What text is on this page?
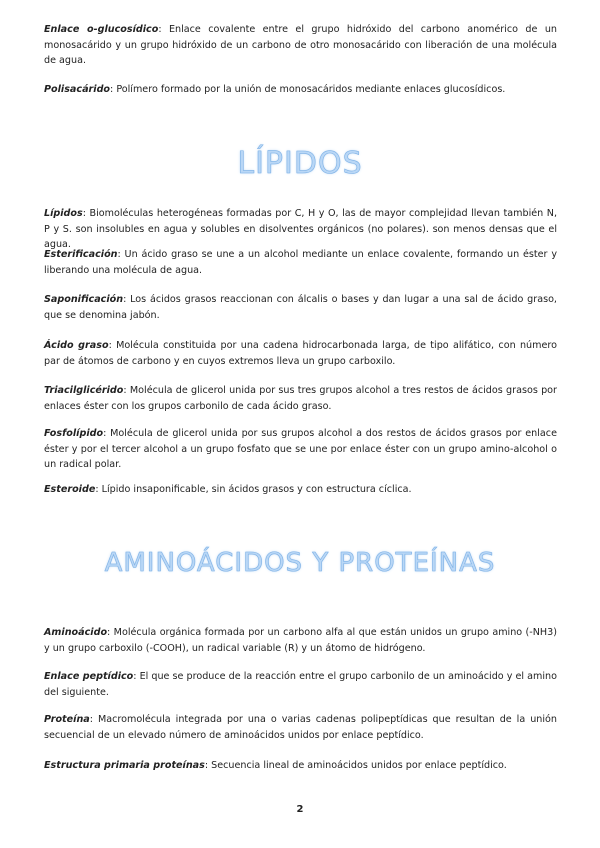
Enlace o-glucosídico: Enlace covalente entre el grupo hidróxido del carbono anomérico de un monosacárido y un grupo hidróxido de un carbono de otro monosacárido con liberación de una molécula de agua.

Polisacárido: Polímero formado por la unión de monosacáridos mediante enlaces glucosídicos.

LÍPIDOS

Lípidos: Biomoléculas heterogéneas formadas por C, H y O, las de mayor complejidad llevan también N, P y S. son insolubles en agua y solubles en disolventes orgánicos (no polares). son menos densas que el agua.

Esterificación: Un ácido graso se une a un alcohol mediante un enlace covalente, formando un éster y liberando una molécula de agua.

Saponificación: Los ácidos grasos reaccionan con álcalis o bases y dan lugar a una sal de ácido graso, que se denomina jabón.

Ácido graso: Molécula constituida por una cadena hidrocarbonada larga, de tipo alifático, con número par de átomos de carbono y en cuyos extremos lleva un grupo carboxilo.

Triacilglicérido: Molécula de glicerol unida por sus tres grupos alcohol a tres restos de ácidos grasos por enlaces éster con los grupos carbonilo de cada ácido graso.

Fosfolípido: Molécula de glicerol unida por sus grupos alcohol a dos restos de ácidos grasos por enlace éster y por el tercer alcohol a un grupo fosfato que se une por enlace éster con un grupo amino-alcohol o un radical polar.

Esteroide: Lípido insaponificable, sin ácidos grasos y con estructura cíclica.

AMINOÁCIDOS Y PROTEÍNAS

Aminoácido: Molécula orgánica formada por un carbono alfa al que están unidos un grupo amino (-NH3) y un grupo carboxilo (-COOH), un radical variable (R) y un átomo de hidrógeno.

Enlace peptídico: El que se produce de la reacción entre el grupo carbonilo de un aminoácido y el amino del siguiente.

Proteína: Macromolécula integrada por una o varias cadenas polipeptídicas que resultan de la unión secuencial de un elevado número de aminoácidos unidos por enlace peptídico.

Estructura primaria proteínas: Secuencia lineal de aminoácidos unidos por enlace peptídico.

2
